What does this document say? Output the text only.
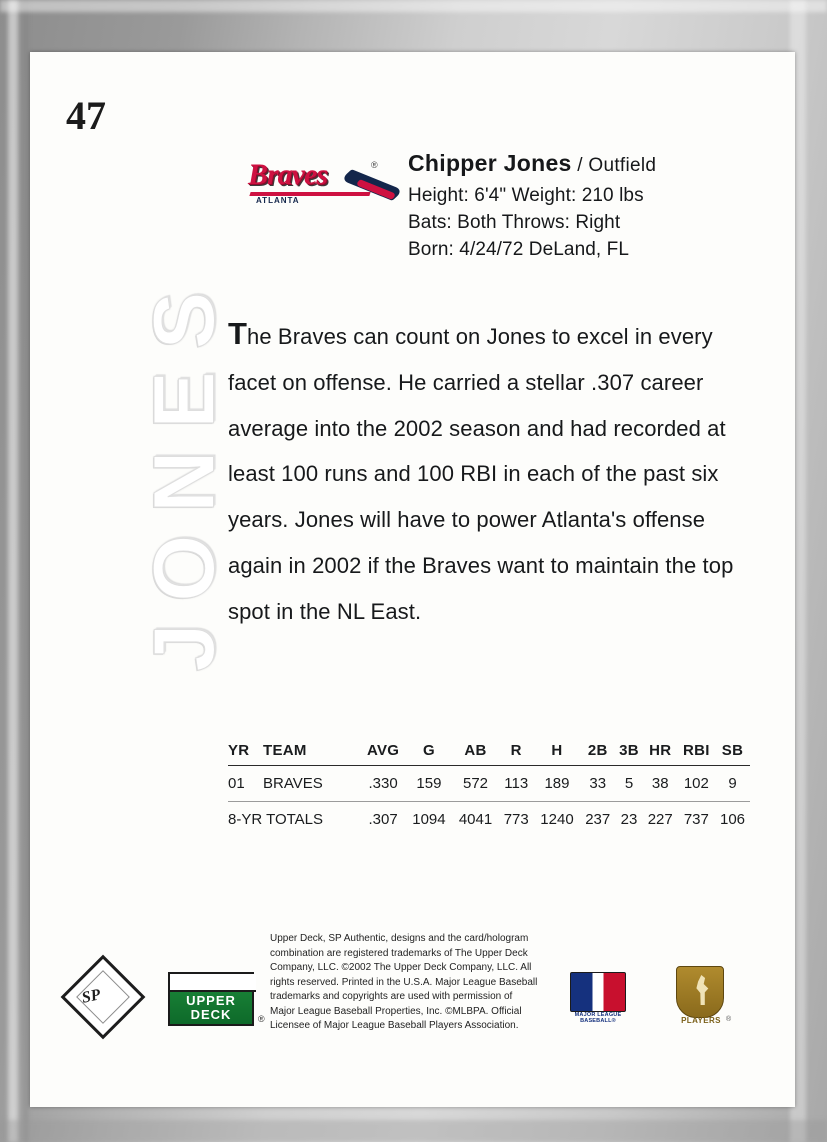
47
JONES
Braves	®
ATLANTA
Chipper Jones / Outfield
Height: 6'4" Weight: 210 lbs
Bats: Both Throws: Right
Born: 4/24/72 DeLand, FL
The Braves can count on Jones to excel in every facet on offense. He carried a stellar .307 career average into the 2002 season and had recorded at least 100 runs and 100 RBI in each of the past six years. Jones will have to power Atlanta's offense again in 2002 if the Braves want to maintain the top spot in the NL East.
YR	TEAM	AVG	G	AB	R	H	2B	3B	HR	RBI	SB
01	BRAVES	.330	159	572	113	189	33	5	38	102	9
8-YR TOTALS		.307	1094	4041	773	1240	237	23	227	737	106
SP	UPPER
DECK	®
Upper Deck, SP Authentic, designs and the card/hologram combination are registered trademarks of The Upper Deck Company, LLC. ©2002 The Upper Deck Company, LLC. All rights reserved. Printed in the U.S.A. Major League Baseball trademarks and copyrights are used with permission of Major League Baseball Properties, Inc. ©MLBPA. Official Licensee of Major League Baseball Players Association.
MAJOR LEAGUE BASEBALL®	PLAYERS ®
